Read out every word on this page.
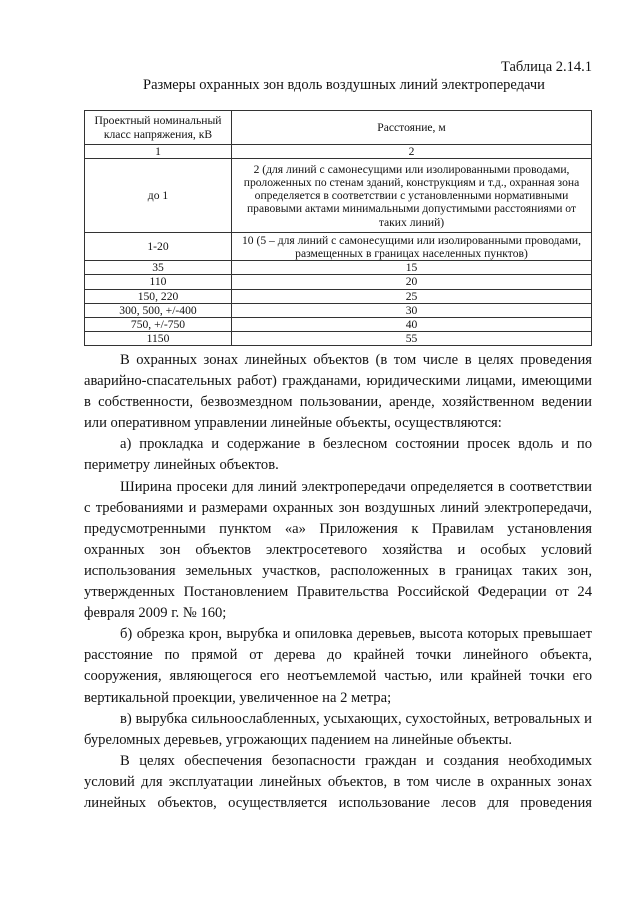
Таблица 2.14.1
Размеры охранных зон вдоль воздушных линий электропередачи
Проектный номинальный класс напряжения, кВ	Расстояние, м
1	2
до 1	2 (для линий с самонесущими или изолированными проводами, проложенных по стенам зданий, конструкциям и т.д., охранная зона определяется в соответствии с установленными нормативными правовыми актами минимальными допустимыми расстояниями от таких линий)
1-20	10 (5 – для линий с самонесущими или изолированными проводами, размещенных в границах населенных пунктов)
35	15
110	20
150, 220	25
300, 500, +/-400	30
750, +/-750	40
1150	55

В охранных зонах линейных объектов (в том числе в целях проведения аварийно-спасательных работ) гражданами, юридическими лицами, имеющими в собственности, безвозмездном пользовании, аренде, хозяйственном ведении или оперативном управлении линейные объекты, осуществляются:

а) прокладка и содержание в безлесном состоянии просек вдоль и по периметру линейных объектов.

Ширина просеки для линий электропередачи определяется в соответствии с требованиями и размерами охранных зон воздушных линий электропередачи, предусмотренными пунктом «а» Приложения к Правилам установления охранных зон объектов электросетевого хозяйства и особых условий использования земельных участков, расположенных в границах таких зон, утвержденных Постановлением Правительства Российской Федерации от 24 февраля 2009 г. № 160;

б) обрезка крон, вырубка и опиловка деревьев, высота которых превышает расстояние по прямой от дерева до крайней точки линейного объекта, сооружения, являющегося его неотъемлемой частью, или крайней точки его вертикальной проекции, увеличенное на 2 метра;

в) вырубка сильноослабленных, усыхающих, сухостойных, ветровальных и буреломных деревьев, угрожающих падением на линейные объекты.

В целях обеспечения безопасности граждан и создания необходимых условий для эксплуатации линейных объектов, в том числе в охранных зонах линейных объектов, осуществляется использование лесов для проведения
